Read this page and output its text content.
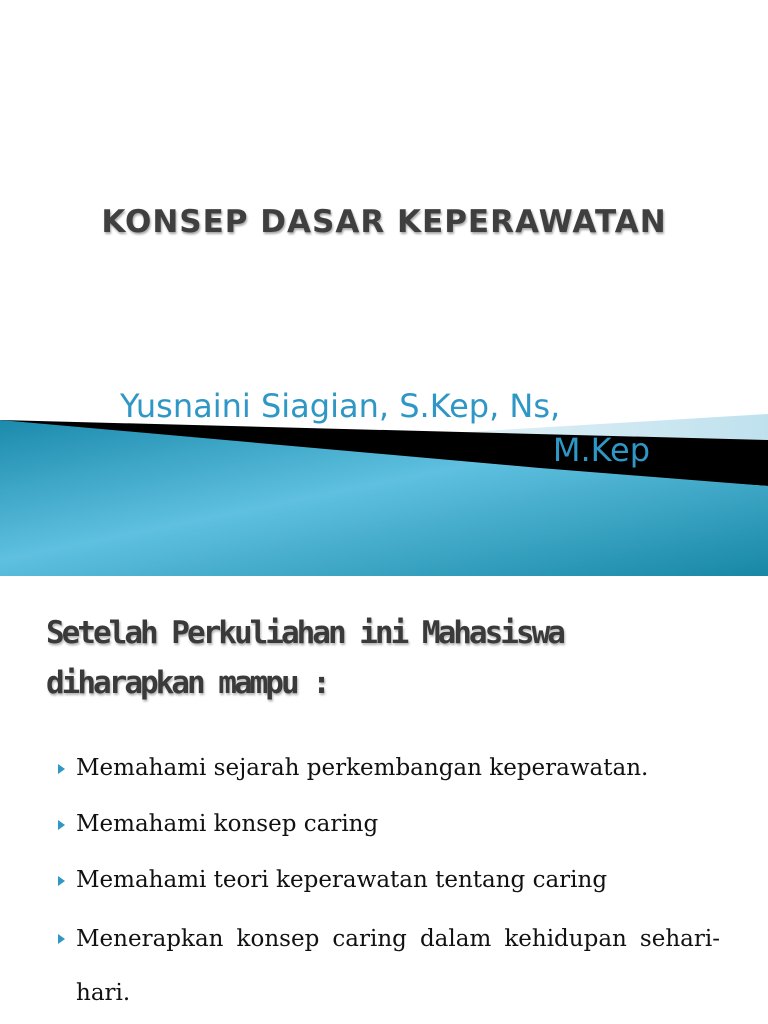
KONSEP DASAR KEPERAWATAN
Yusnaini Siagian, S.Kep, Ns,
M.Kep
Setelah Perkuliahan ini Mahasiswa diharapkan mampu :
Memahami sejarah perkembangan keperawatan.
Memahami konsep caring
Memahami teori keperawatan tentang caring
Menerapkan konsep caring dalam kehidupan sehari-hari.
